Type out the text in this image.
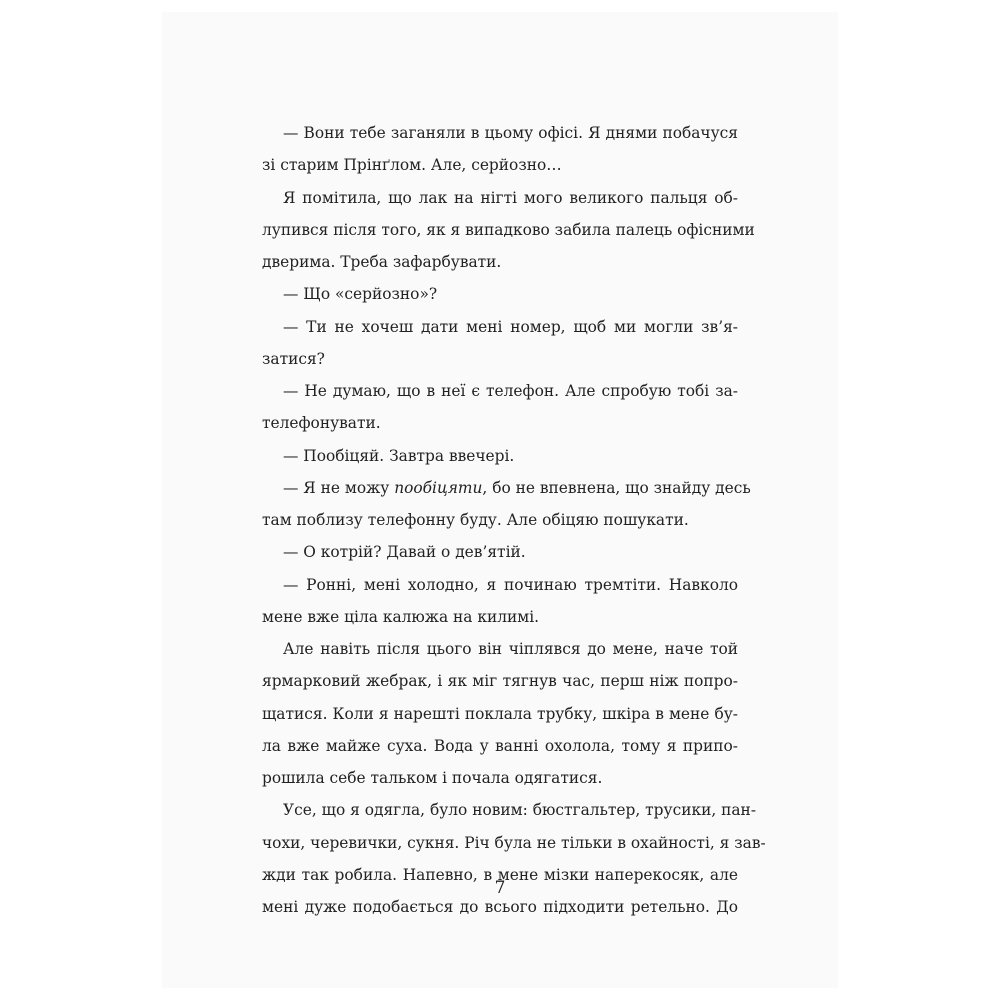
— Вони тебе заганяли в цьому офісі. Я днями побачуся
зі старим Прінґлом. Але, серйозно…
Я помітила, що лак на нігті мого великого пальця об-
лупився після того, як я випадково забила палець офісними
дверима. Треба зафарбувати.
— Що «серйозно»?
— Ти не хочеш дати мені номер, щоб ми могли зв’я-
затися?
— Не думаю, що в неї є телефон. Але спробую тобі за-
телефонувати.
— Пообіцяй. Завтра ввечері.
— Я не можу пообіцяти, бо не впевнена, що знайду десь
там поблизу телефонну буду. Але обіцяю пошукати.
— О котрій? Давай о дев’ятій.
— Ронні, мені холодно, я починаю тремтіти. Навколо
мене вже ціла калюжа на килимі.
Але навіть після цього він чіплявся до мене, наче той
ярмарковий жебрак, і як міг тягнув час, перш ніж попро-
щатися. Коли я нарешті поклала трубку, шкіра в мене бу-
ла вже майже суха. Вода у ванні охолола, тому я припо-
рошила себе тальком і почала одягатися.
Усе, що я одягла, було новим: бюстгальтер, трусики, пан-
чохи, черевички, сукня. Річ була не тільки в охайності, я зав-
жди так робила. Напевно, в мене мізки наперекосяк, але
мені дуже подобається до всього підходити ретельно. До
7
